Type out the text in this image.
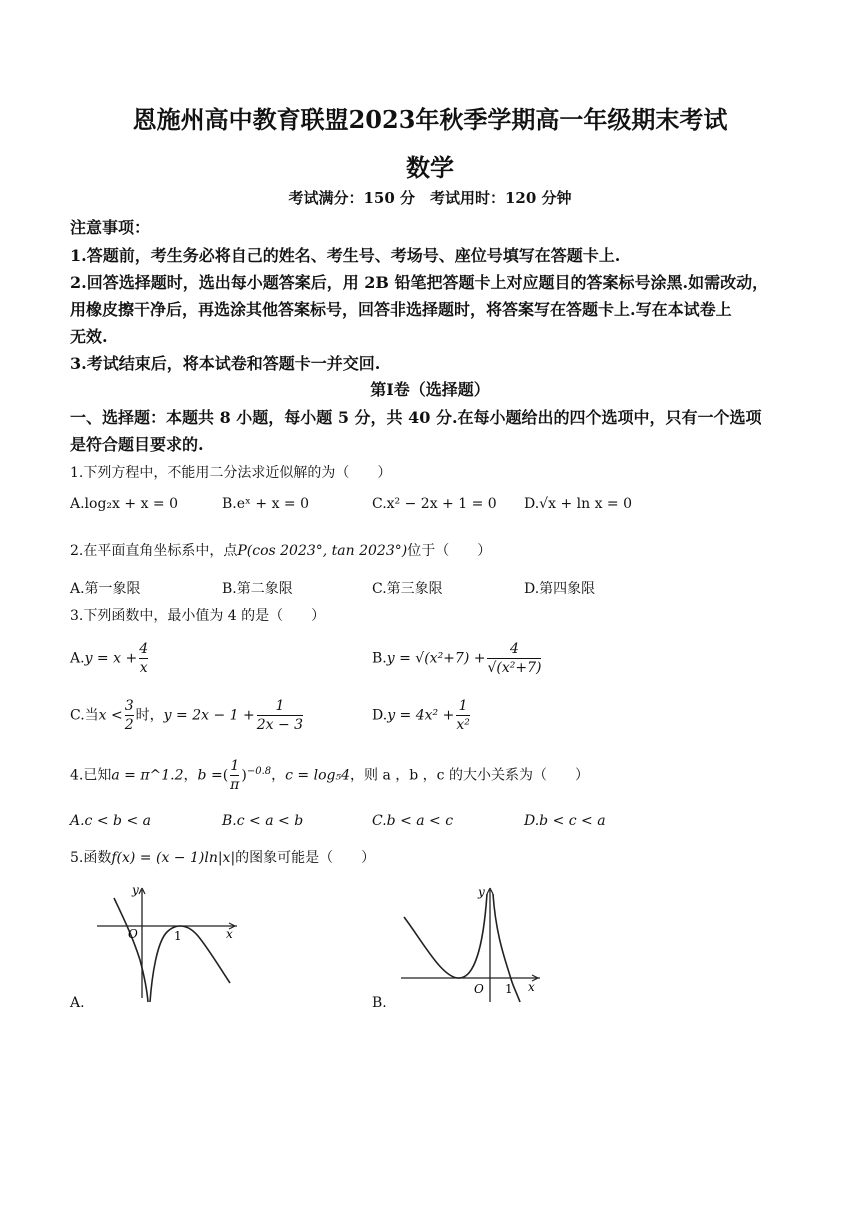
恩施州高中教育联盟2023年秋季学期高一年级期末考试
数学
考试满分：150 分　考试用时：120 分钟
注意事项：
1.答题前，考生务必将自己的姓名、考生号、考场号、座位号填写在答题卡上.
2.回答选择题时，选出每小题答案后，用 2B 铅笔把答题卡上对应题目的答案标号涂黑.如需改动，
用橡皮擦干净后，再选涂其他答案标号，回答非选择题时，将答案写在答题卡上.写在本试卷上
无效.
3.考试结束后，将本试卷和答题卡一并交回.
第Ⅰ卷（选择题）
一、选择题：本题共 8 小题，每小题 5 分，共 40 分.在每小题给出的四个选项中，只有一个选项
是符合题目要求的.
1.下列方程中，不能用二分法求近似解的为（　　）
A.log₂x + x = 0	B.eˣ + x = 0	C.x² − 2x + 1 = 0 D.√x + ln x = 0
2.在平面直角坐标系中，点P(cos 2023°, tan 2023°)位于（　　）
A.第一象限	B.第二象限	C.第三象限	D.第四象限
3.下列函数中，最小值为 4 的是（　　）
$A.y = x + \frac{4}{x}$	$B.y = √(x^2+7) + \frac{4}{\text{√(x²+7)}}$
C.当$x < \frac{3}{2}$ 时，$y = 2x - 1 + \frac{1}{2x - 3}$	$D.y = 4x^2 + \frac{1}{\text{x²}}$
4.已知a = π^1.2，b =( $\frac{1}{\pi} )^{-0.8}$，c = log₅4，则 a ，b ，c 的大小关系为（　　）
A.c < b < a	B.c < a < b	C.b < a < c	D.b < c < a
5.函数f(x) = (x − 1)ln|x|的图象可能是（　　）
O	1	x
y
A.
O 1 x
y
B.
